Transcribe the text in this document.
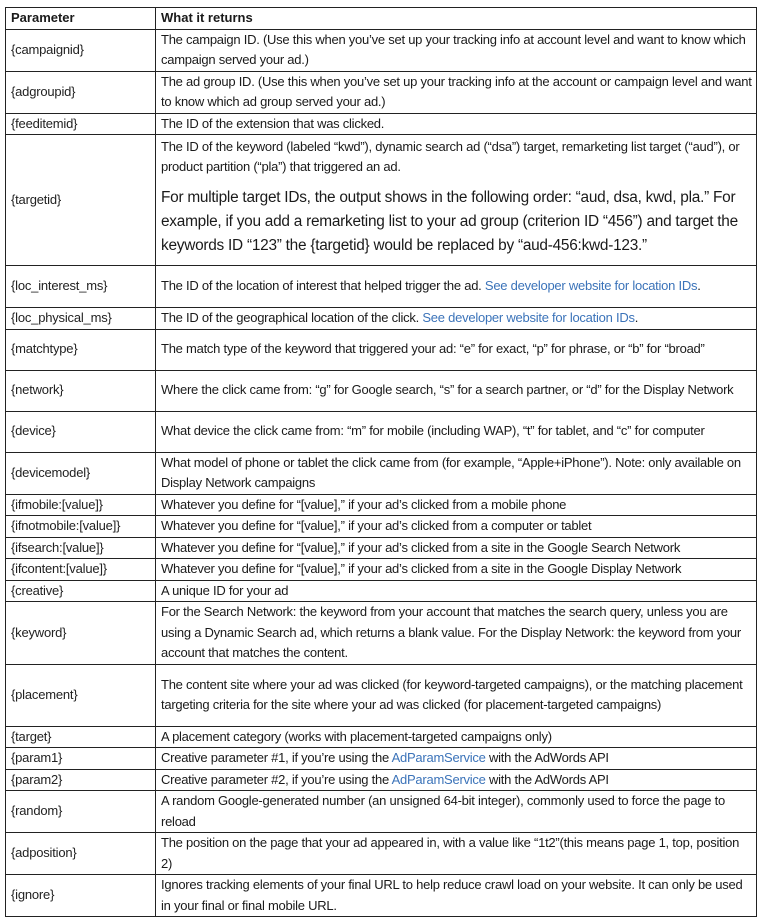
Parameter	What it returns
{campaignid}	The campaign ID. (Use this when you’ve set up your tracking info at account level and want to know which campaign served your ad.)
{adgroupid}	The ad group ID. (Use this when you’ve set up your tracking info at the account or campaign level and want to know which ad group served your ad.)
{feeditemid}	The ID of the extension that was clicked.
{targetid}	The ID of the keyword (labeled “kwd”), dynamic search ad (“dsa”) target, remarketing list target (“aud”), or product partition (“pla”) that triggered an ad.
For multiple target IDs, the output shows in the following order: “aud, dsa, kwd, pla.” For example, if you add a remarketing list to your ad group (criterion ID “456”) and target the keywords ID “123” the {targetid} would be replaced by “aud-456:kwd-123.”

{loc_interest_ms}	The ID of the location of interest that helped trigger the ad. See developer website for location IDs.
{loc_physical_ms}	The ID of the geographical location of the click. See developer website for location IDs.
{matchtype}	The match type of the keyword that triggered your ad: “e” for exact, “p” for phrase, or “b” for “broad”
{network}	Where the click came from: “g” for Google search, “s” for a search partner, or “d” for the Display Network
{device}	What device the click came from: “m” for mobile (including WAP), “t” for tablet, and “c” for computer
{devicemodel}	What model of phone or tablet the click came from (for example, “Apple+iPhone”). Note: only available on Display Network campaigns
{ifmobile:[value]}	Whatever you define for “[value],” if your ad’s clicked from a mobile phone
{ifnotmobile:[value]}	Whatever you define for “[value],” if your ad’s clicked from a computer or tablet
{ifsearch:[value]}	Whatever you define for “[value],” if your ad’s clicked from a site in the Google Search Network
{ifcontent:[value]}	Whatever you define for “[value],” if your ad’s clicked from a site in the Google Display Network
{creative}	A unique ID for your ad
{keyword}	For the Search Network: the keyword from your account that matches the search query, unless you are using a Dynamic Search ad, which returns a blank value. For the Display Network: the keyword from your account that matches the content.
{placement}	The content site where your ad was clicked (for keyword-targeted campaigns), or the matching placement targeting criteria for the site where your ad was clicked (for placement-targeted campaigns)
{target}	A placement category (works with placement-targeted campaigns only)
{param1}	Creative parameter #1, if you’re using the AdParamService with the AdWords API
{param2}	Creative parameter #2, if you’re using the AdParamService with the AdWords API
{random}	A random Google-generated number (an unsigned 64-bit integer), commonly used to force the page to reload
{adposition}	The position on the page that your ad appeared in, with a value like “1t2”(this means page 1, top, position 2)
{ignore}	Ignores tracking elements of your final URL to help reduce crawl load on your website. It can only be used in your final or final mobile URL.
